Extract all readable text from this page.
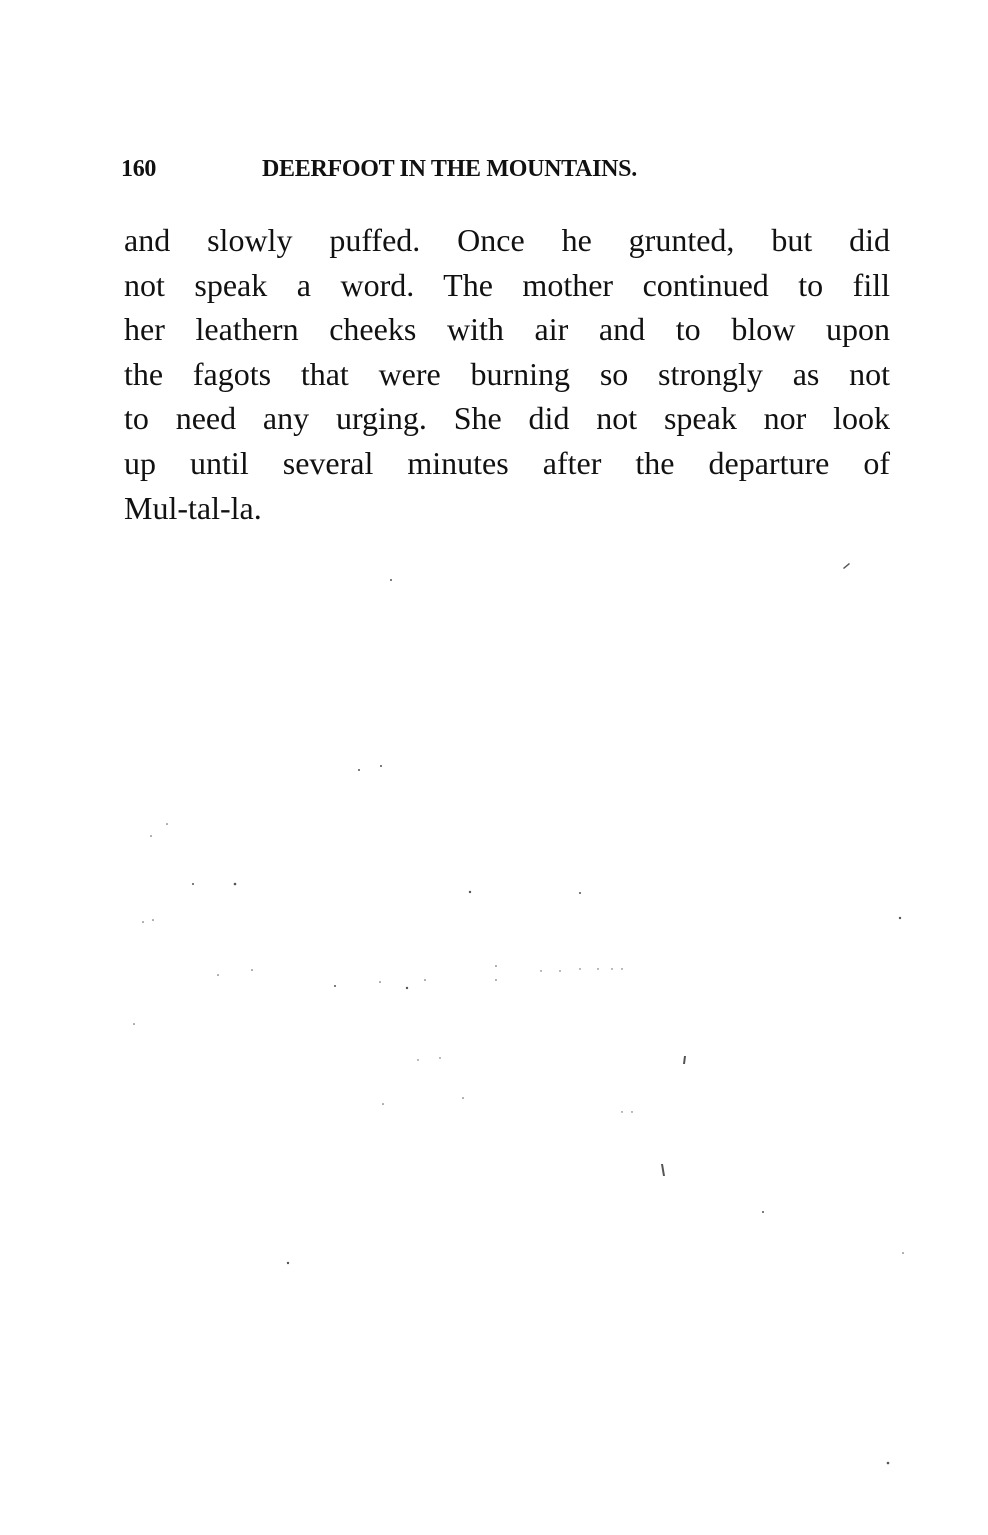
160	DEERFOOT IN THE MOUNTAINS.
and slowly puffed. Once he grunted, but did
not speak a word. The mother continued to fill
her leathern cheeks with air and to blow upon
the fagots that were burning so strongly as not
to need any urging. She did not speak nor look
up until several minutes after the departure of
Mul-tal-la.
